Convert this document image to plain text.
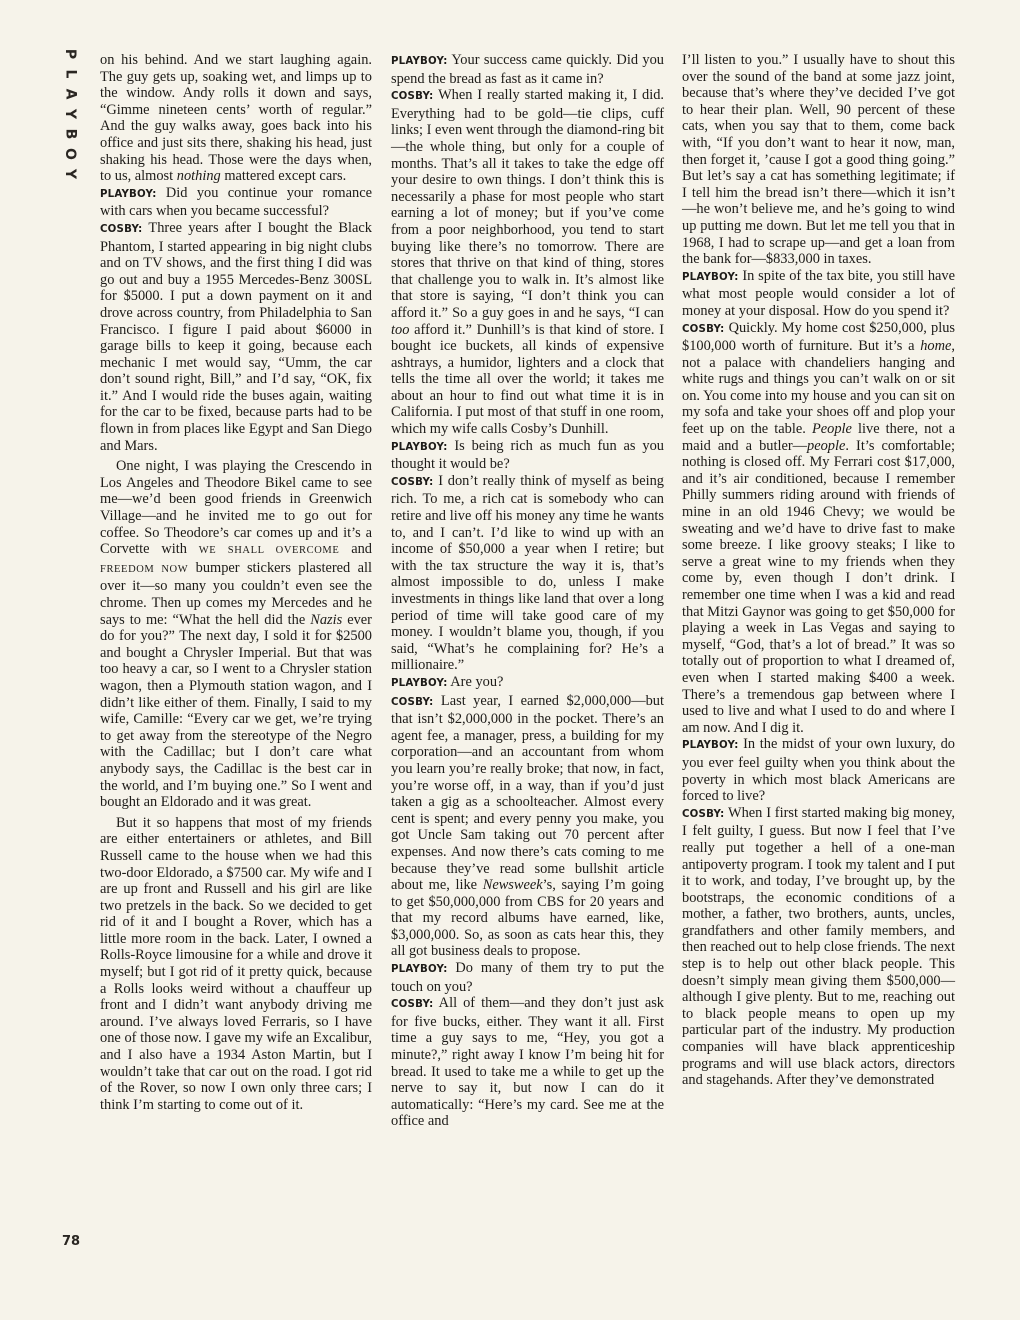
P
L
A
Y
B
O
Y

on his behind. And we start laughing again. The guy gets up, soaking wet, and limps up to the window. Andy rolls it down and says, “Gimme nineteen cents’ worth of regular.” And the guy walks away, goes back into his office and just sits there, shaking his head, just shaking his head. Those were the days when, to us, almost nothing mattered except cars.

PLAYBOY: Did you continue your romance with cars when you became successful?

COSBY: Three years after I bought the Black Phantom, I started appearing in big night clubs and on TV shows, and the first thing I did was go out and buy a 1955 Mercedes-Benz 300SL for $5000. I put a down payment on it and drove across country, from Philadelphia to San Francisco. I figure I paid about $6000 in garage bills to keep it going, because each mechanic I met would say, “Umm, the car don’t sound right, Bill,” and I’d say, “OK, fix it.” And I would ride the buses again, waiting for the car to be fixed, because parts had to be flown in from places like Egypt and San Diego and Mars.

One night, I was playing the Crescendo in Los Angeles and Theodore Bikel came to see me—we’d been good friends in Greenwich Village—and he invited me to go out for coffee. So Theodore’s car comes up and it’s a Corvette with WE SHALL OVERCOME and FREEDOM NOW bumper stickers plastered all over it—so many you couldn’t even see the chrome. Then up comes my Mercedes and he says to me: “What the hell did the Nazis ever do for you?” The next day, I sold it for $2500 and bought a Chrysler Imperial. But that was too heavy a car, so I went to a Chrysler station wagon, then a Plymouth station wagon, and I didn’t like either of them. Finally, I said to my wife, Camille: “Every car we get, we’re trying to get away from the stereotype of the Negro with the Cadillac; but I don’t care what anybody says, the Cadillac is the best car in the world, and I’m buying one.” So I went and bought an Eldorado and it was great.

But it so happens that most of my friends are either entertainers or athletes, and Bill Russell came to the house when we had this two-door Eldorado, a $7500 car. My wife and I are up front and Russell and his girl are like two pretzels in the back. So we decided to get rid of it and I bought a Rover, which has a little more room in the back. Later, I owned a Rolls-Royce limousine for a while and drove it myself; but I got rid of it pretty quick, because a Rolls looks weird without a chauffeur up front and I didn’t want anybody driving me around. I’ve always loved Ferraris, so I have one of those now. I gave my wife an Excalibur, and I also have a 1934 Aston Martin, but I wouldn’t take that car out on the road. I got rid of the Rover, so now I own only three cars; I think I’m starting to come out of it.

PLAYBOY: Your success came quickly. Did you spend the bread as fast as it came in?

COSBY: When I really started making it, I did. Everything had to be gold—tie clips, cuff links; I even went through the diamond-ring bit—the whole thing, but only for a couple of months. That’s all it takes to take the edge off your desire to own things. I don’t think this is necessarily a phase for most people who start earning a lot of money; but if you’ve come from a poor neighborhood, you tend to start buying like there’s no tomorrow. There are stores that thrive on that kind of thing, stores that challenge you to walk in. It’s almost like that store is saying, “I don’t think you can afford it.” So a guy goes in and he says, “I can too afford it.” Dunhill’s is that kind of store. I bought ice buckets, all kinds of expensive ashtrays, a humidor, lighters and a clock that tells the time all over the world; it takes me about an hour to find out what time it is in California. I put most of that stuff in one room, which my wife calls Cosby’s Dunhill.

PLAYBOY: Is being rich as much fun as you thought it would be?

COSBY: I don’t really think of myself as being rich. To me, a rich cat is somebody who can retire and live off his money any time he wants to, and I can’t. I’d like to wind up with an income of $50,000 a year when I retire; but with the tax structure the way it is, that’s almost impossible to do, unless I make investments in things like land that over a long period of time will take good care of my money. I wouldn’t blame you, though, if you said, “What’s he complaining for? He’s a millionaire.”

PLAYBOY: Are you?

COSBY: Last year, I earned $2,000,000—but that isn’t $2,000,000 in the pocket. There’s an agent fee, a manager, press, a building for my corporation—and an accountant from whom you learn you’re really broke; that now, in fact, you’re worse off, in a way, than if you’d just taken a gig as a schoolteacher. Almost every cent is spent; and every penny you make, you got Uncle Sam taking out 70 percent after expenses. And now there’s cats coming to me because they’ve read some bullshit article about me, like Newsweek’s, saying I’m going to get $50,000,000 from CBS for 20 years and that my record albums have earned, like, $3,000,000. So, as soon as cats hear this, they all got business deals to propose.

PLAYBOY: Do many of them try to put the touch on you?

COSBY: All of them—and they don’t just ask for five bucks, either. They want it all. First time a guy says to me, “Hey, you got a minute?,” right away I know I’m being hit for bread. It used to take me a while to get up the nerve to say it, but now I can do it automatically: “Here’s my card. See me at the office and

I’ll listen to you.” I usually have to shout this over the sound of the band at some jazz joint, because that’s where they’ve decided I’ve got to hear their plan. Well, 90 percent of these cats, when you say that to them, come back with, “If you don’t want to hear it now, man, then forget it, ’cause I got a good thing going.” But let’s say a cat has something legitimate; if I tell him the bread isn’t there—which it isn’t—he won’t believe me, and he’s going to wind up putting me down. But let me tell you that in 1968, I had to scrape up—and get a loan from the bank for—$833,000 in taxes.

PLAYBOY: In spite of the tax bite, you still have what most people would consider a lot of money at your disposal. How do you spend it?

COSBY: Quickly. My home cost $250,000, plus $100,000 worth of furniture. But it’s a home, not a palace with chandeliers hanging and white rugs and things you can’t walk on or sit on. You come into my house and you can sit on my sofa and take your shoes off and plop your feet up on the table. People live there, not a maid and a butler—people. It’s comfortable; nothing is closed off. My Ferrari cost $17,000, and it’s air conditioned, because I remember Philly summers riding around with friends of mine in an old 1946 Chevy; we would be sweating and we’d have to drive fast to make some breeze. I like groovy steaks; I like to serve a great wine to my friends when they come by, even though I don’t drink. I remember one time when I was a kid and read that Mitzi Gaynor was going to get $50,000 for playing a week in Las Vegas and saying to myself, “God, that’s a lot of bread.” It was so totally out of proportion to what I dreamed of, even when I started making $400 a week. There’s a tremendous gap between where I used to live and what I used to do and where I am now. And I dig it.

PLAYBOY: In the midst of your own luxury, do you ever feel guilty when you think about the poverty in which most black Americans are forced to live?

COSBY: When I first started making big money, I felt guilty, I guess. But now I feel that I’ve really put together a hell of a one-man antipoverty program. I took my talent and I put it to work, and today, I’ve brought up, by the bootstraps, the economic conditions of a mother, a father, two brothers, aunts, uncles, grandfathers and other family members, and then reached out to help close friends. The next step is to help out other black people. This doesn’t simply mean giving them $500,000—although I give plenty. But to me, reaching out to black people means to open up my particular part of the industry. My production companies will have black apprenticeship programs and will use black actors, directors and stagehands. After they’ve demonstrated

78
